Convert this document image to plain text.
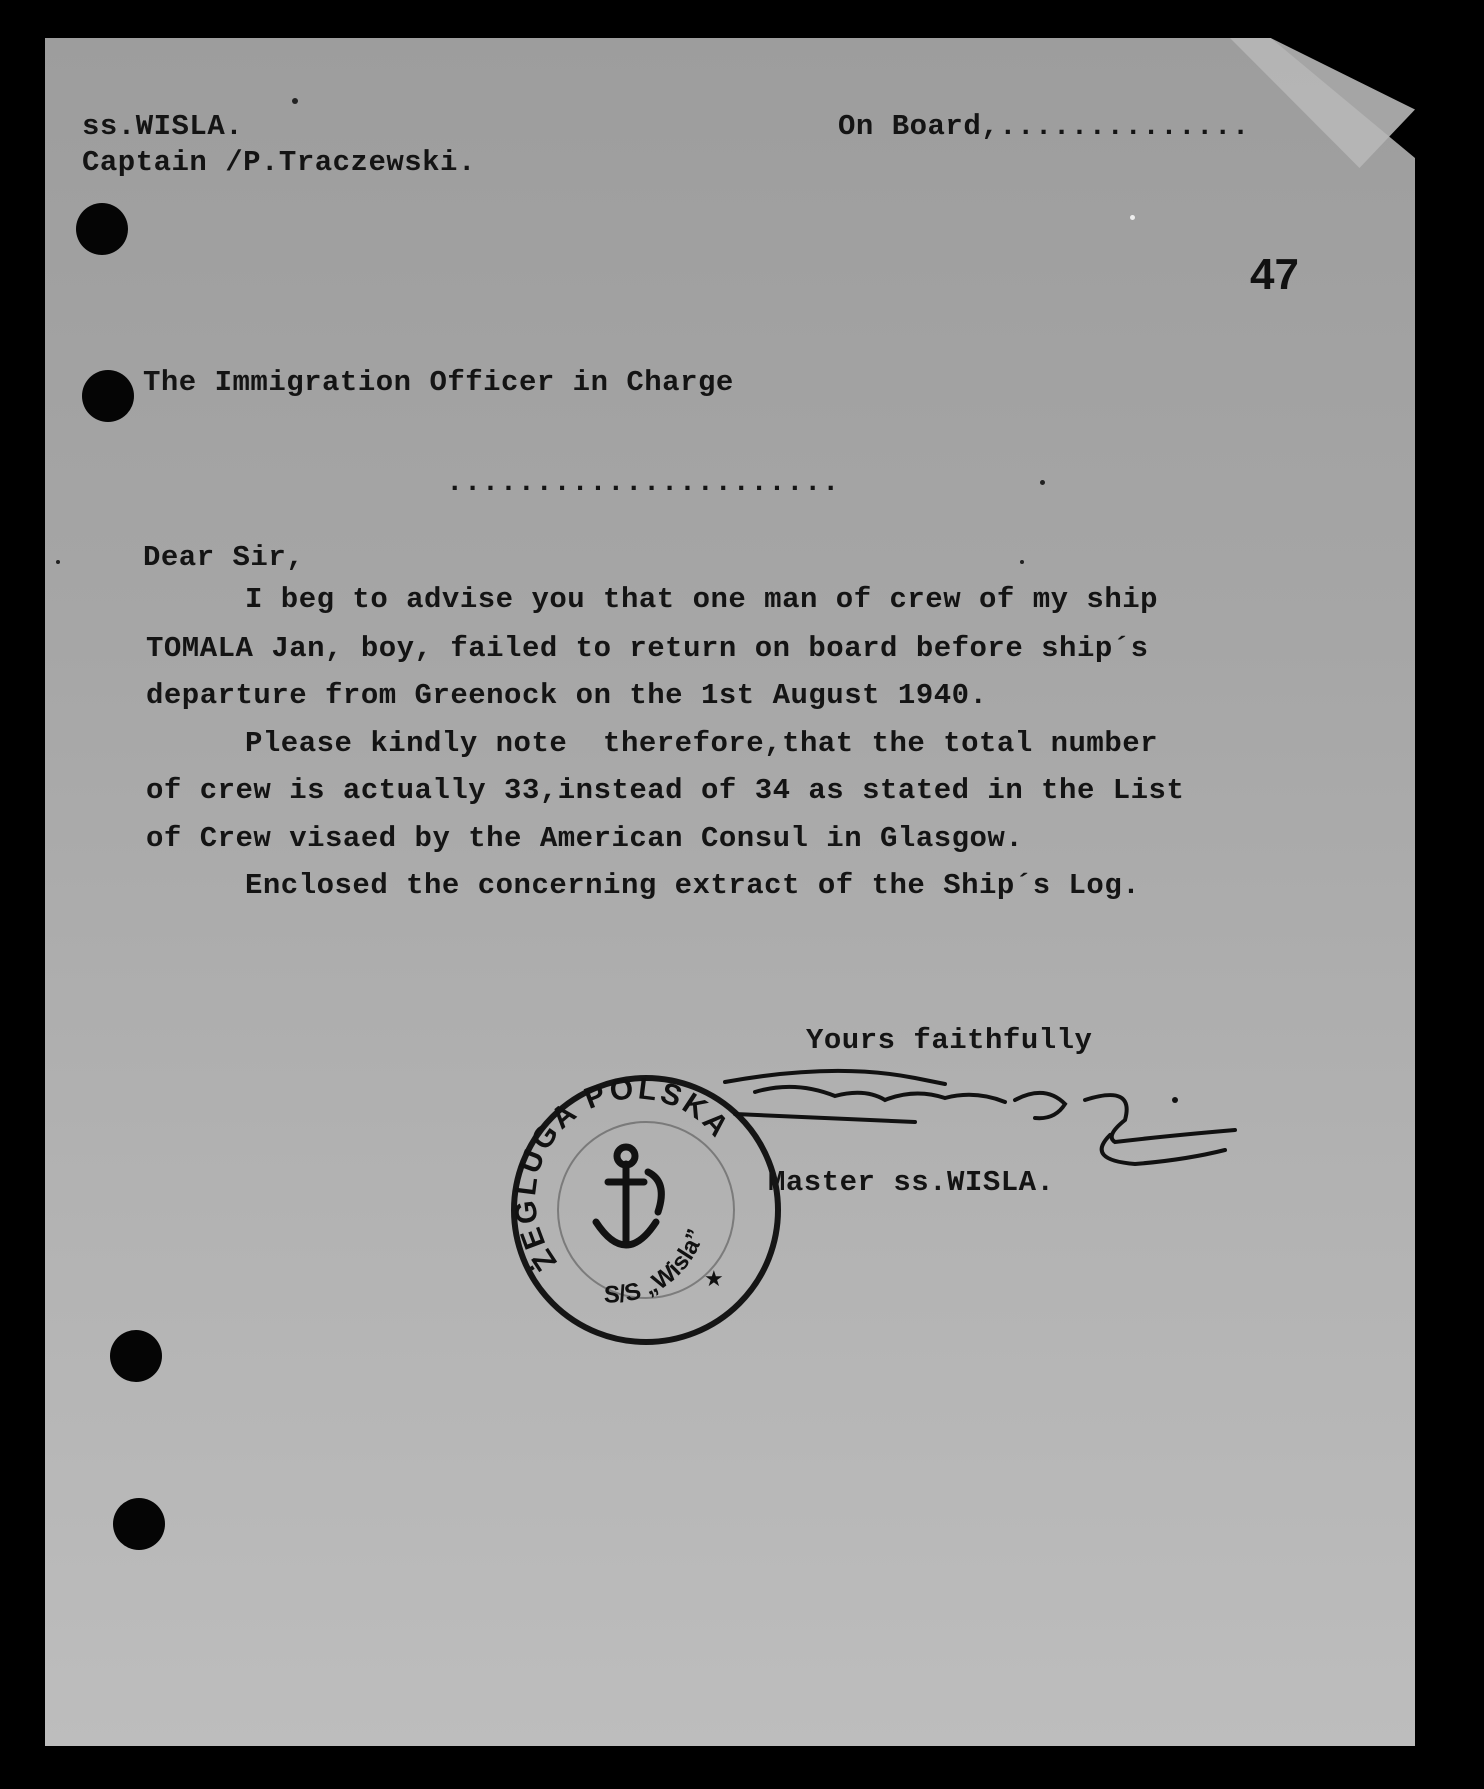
ss.WISLA.
Captain /P.Traczewski.
On Board,..............
47
The Immigration Officer in Charge
......................
Dear Sir,
I beg to advise you that one man of crew of my ship
TOMALA Jan, boy, failed to return on board before ship´s
departure from Greenock on the 1st August 1940.
Please kindly note  therefore,that the total number
of crew is actually 33,instead of 34 as stated in the List
of Crew visaed by the American Consul in Glasgow.
Enclosed the concerning extract of the Ship´s Log.
Yours faithfully
Master ss.WISLA.
ŻEGLUGA POLSKA
S/S „Wisla”
★
